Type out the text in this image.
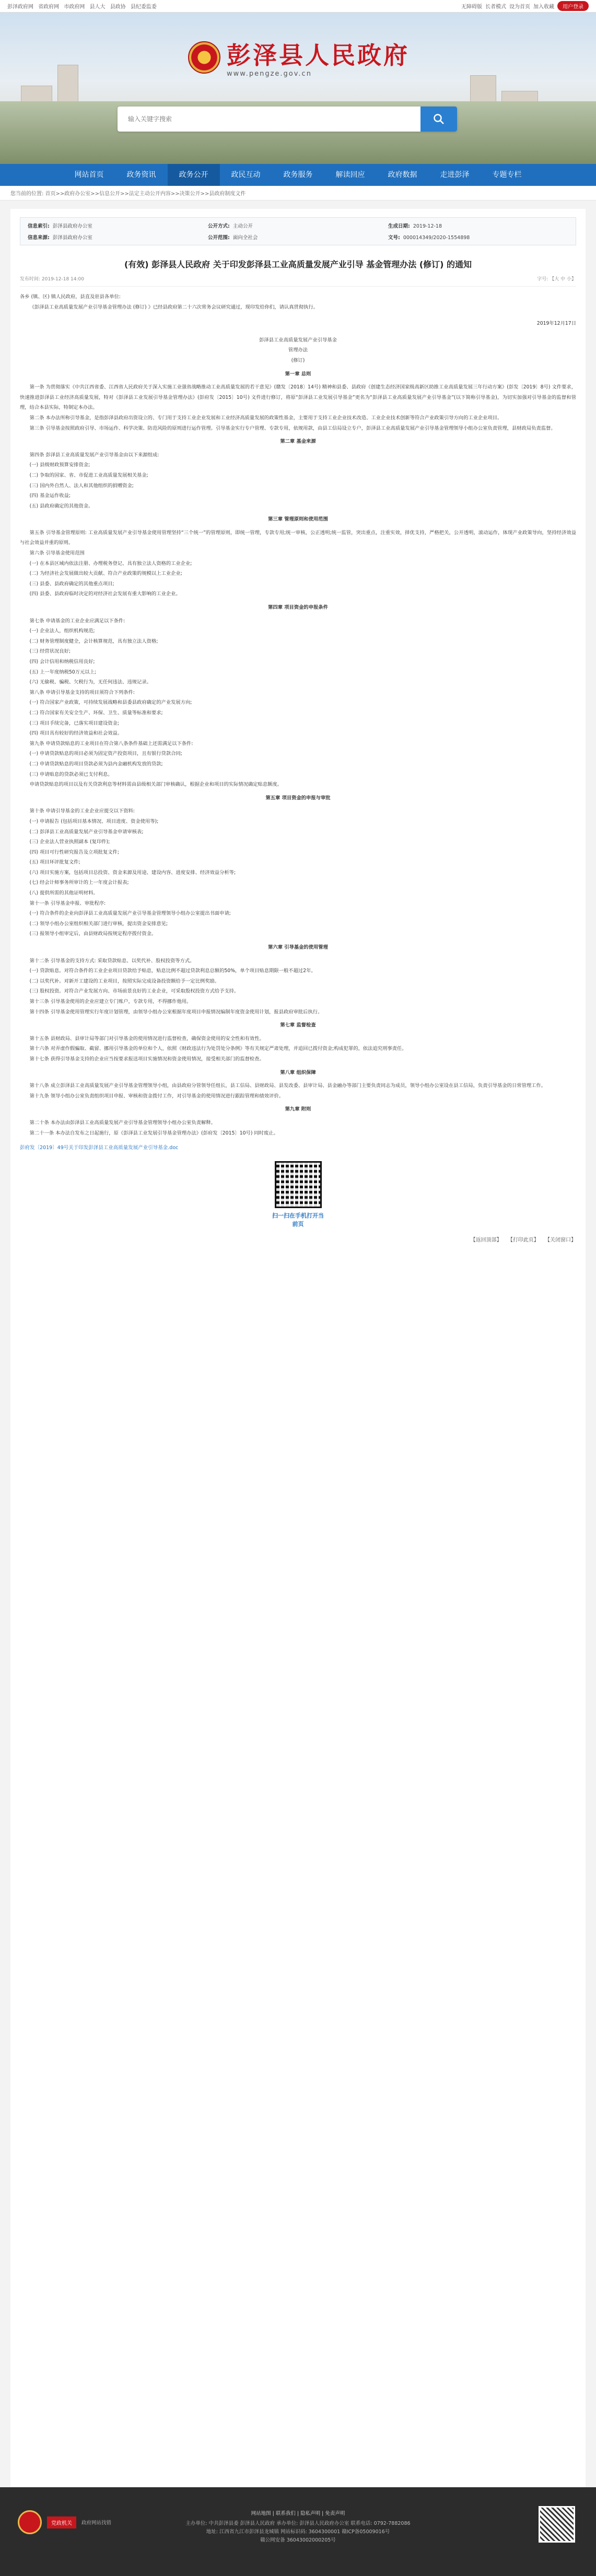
彭泽政府网 省政府网 市政府网 县人大 县政协 县纪委监委	无障碍版 长者模式 设为首页 加入收藏	用户登录
彭泽县人民政府
www.pengze.gov.cn
输入关键字搜索
网站首页	政务资讯	政务公开	政民互动	政务服务	解读回应	政府数据	走进彭泽	专题专栏
您当前的位置: 首页>>政府办公室>>信息公开>>法定主动公开内容>>决策公开>>县政府制度文件
信息索引: 彭泽县政府办公室	公开方式: 主动公开	生成日期: 2019-12-18
信息来源: 彭泽县政府办公室	公开范围: 面向全社会	文号: 000014349/2020-1554898
(有效) 彭泽县人民政府 关于印发彭泽县工业高质量发展产业引导 基金管理办法 (修订) 的通知
发布时间: 2019-12-18 14:00	字号: 【大 中 小】

各乡 (镇、区) 镇人民政府，县直及驻县各单位:

《彭泽县工业高质量发展产业引导基金管理办法 (修订) 》已经县政府第二十六次常务会议研究通过，现印发给你们，请认真贯彻执行。

2019年12月17日

彭泽县工业高质量发展产业引导基金

管理办法

(修订)

第一章 总则

第一条 为贯彻落实《中共江西省委、江西省人民政府关于深入实施工业强省战略推动工业高质量发展的若干意见》(赣发〔2018〕14号) 精神和县委、县政府《创建生态经济国家级高新区助推工业高质量发展三年行动方案》(彭发〔2019〕8号) 文件要求，快速推进彭泽县工业经济高质量发展，特对《彭泽县工业发展引导基金管理办法》(彭府发〔2015〕10号) 文件进行修订，将原“彭泽县工业发展引导基金”更名为“彭泽县工业高质量发展产业引导基金”(以下简称引导基金)，为切实加强对引导基金的监督和管理，结合本县实际，特制定本办法。

第二条 本办法所称引导基金，是指彭泽县政府出资设立的、专门用于支持工业企业发展和工业经济高质量发展的政策性基金，主要用于支持工业企业技术改造、工业企业技术创新等符合产业政策引导方向的工业企业项目。

第三条 引导基金按照政府引导、市场运作、科学决策、防范风险的原则进行运作管理。引导基金实行专户管理、专款专用，依规用款，由县工信局设立专户，彭泽县工业高质量发展产业引导基金管理领导小组办公室负责管理，县财政局负责监督。

第二章 基金来源

第四条 彭泽县工业高质量发展产业引导基金由以下来源组成:

(一) 县级财政预算安排资金;

(二) 争取的国家、省、市促进工业高质量发展相关基金;

(三) 国内外自然人、法人和其他组织的捐赠资金;

(四) 基金运作收益;

(五) 县政府确定的其他资金。

第三章 管理原则和使用范围

第五条 引导基金管理原则: 工业高质量发展产业引导基金使用管理坚持“三个统一”的管理原则，即统一管理，专款专用;统一审核，公正透明;统一监管，突出重点，注重实效，择优支持，严格把关，公开透明，滚动运作，体现产业政策导向，坚持经济效益与社会效益并重的原则。

第六条 引导基金使用范围

(一) 在本县区域内依法注册、办理税务登记、具有独立法人资格的工业企业;

(二) 为经济社会发展做出较大贡献、符合产业政策的规模以上工业企业;

(三) 县委、县政府确定的其他重点项目;

(四) 县委、县政府临时决定的对经济社会发展有重大影响的工业企业。

第四章 项目资金的申报条件

第七条 申请基金的工业企业应满足以下条件:

(一) 企业法人，组织机构规范;

(二) 财务管理制度健全，会计核算规范，具有独立法人资格;

(三) 经营状况良好;

(四) 会计信用和纳税信用良好;

(五) 上一年度纳税50万元以上;

(六) 无偷税、骗税、欠税行为，无任何违法、违规记录。

第八条 申请引导基金支持的项目须符合下列条件:

(一) 符合国家产业政策，可持续发展战略和县委县政府确定的产业发展方向;

(二) 符合国家有关安全生产、环保、卫生、质量等标准和要求;

(三) 项目手续完备，已落实项目建设资金;

(四) 项目具有较好的经济效益和社会效益。

第九条 申请贷款贴息的工业项目在符合第八条条件基础上还需满足以下条件:

(一) 申请贷款贴息的项目必须为固定资产投资项目，且有银行贷款合同;

(二) 申请贷款贴息的项目贷款必须为县内金融机构发放的贷款;

(三) 申请贴息的贷款必须已支付利息。

申请贷款贴息的项目以及有关贷款利息等材料需由县级相关部门审核确认，根据企业和项目的实际情况确定贴息额度。

第五章 项目资金的申报与审批

第十条 申请引导基金的工业企业应提交以下资料:

(一) 申请报告 (包括项目基本情况、项目进度、资金使用等);

(二) 彭泽县工业高质量发展产业引导基金申请审核表;

(三) 企业法人营业执照副本 (复印件);

(四) 项目可行性研究报告及立项批复文件;

(五) 项目环评批复文件;

(六) 项目实施方案，包括项目总投资、资金来源及用途、建设内容、进度安排、经济效益分析等;

(七) 经会计师事务所审计的上一年度会计报表;

(八) 提供所需的其他证明材料。

第十一条 引导基金申报、审批程序:

(一) 符合条件的企业向彭泽县工业高质量发展产业引导基金管理领导小组办公室提出书面申请;

(二) 领导小组办公室组织相关部门进行审核，提出资金安排意见;

(三) 报领导小组审定后，由县财政局按规定程序拨付资金。

第六章 引导基金的使用管理

第十二条 引导基金的支持方式: 采取贷款贴息、以奖代补、股权投资等方式。

(一) 贷款贴息。对符合条件的工业企业项目贷款给予贴息，贴息比例不超过贷款利息总额的50%，单个项目贴息期限一般不超过2年。

(二) 以奖代补。对新开工建设的工业项目，按照实际完成设备投资额给予一定比例奖励。

(三) 股权投资。对符合产业发展方向、市场前景良好的工业企业，可采取股权投资方式给予支持。

第十三条 引导基金使用的企业应建立专门账户，专款专用，不得挪作他用。

第十四条 引导基金使用管理实行年度计划管理，由领导小组办公室根据年度项目申报情况编制年度资金使用计划，报县政府审批后执行。

第七章 监督检查

第十五条 县财政局、县审计局等部门对引导基金的使用情况进行监督检查，确保资金使用的安全性和有效性。

第十六条 对弄虚作假骗取、截留、挪用引导基金的单位和个人，依照《财政违法行为处罚处分条例》等有关规定严肃处理，并追回已拨付资金;构成犯罪的，依法追究刑事责任。

第十七条 获得引导基金支持的企业应当按要求报送项目实施情况和资金使用情况，接受相关部门的监督检查。

第八章 组织保障

第十八条 成立彭泽县工业高质量发展产业引导基金管理领导小组，由县政府分管领导任组长，县工信局、县财政局、县发改委、县审计局、县金融办等部门主要负责同志为成员，领导小组办公室设在县工信局，负责引导基金的日常管理工作。

第十九条 领导小组办公室负责组织项目申报、审核和资金拨付工作，对引导基金的使用情况进行跟踪管理和绩效评价。

第九章 附则

第二十条 本办法由彭泽县工业高质量发展产业引导基金管理领导小组办公室负责解释。

第二十一条 本办法自发布之日起施行，原《彭泽县工业发展引导基金管理办法》(彭府发〔2015〕10号) 同时废止。

彭府发〔2019〕49号关于印发彭泽县工业高质量发展产业引导基金.doc
扫一扫在手机打开当前页
【返回顶部】 【打印此页】 【关闭窗口】
党政机关	政府网站找错
网站地图 | 联系我们 | 隐私声明 | 免责声明
主办单位: 中共彭泽县委 彭泽县人民政府 承办单位: 彭泽县人民政府办公室 联系电话: 0792-7882086
地址: 江西省九江市彭泽县龙城镇 网站标识码: 3604300001 赣ICP备05009016号
赣公网安备 36043002000205号
